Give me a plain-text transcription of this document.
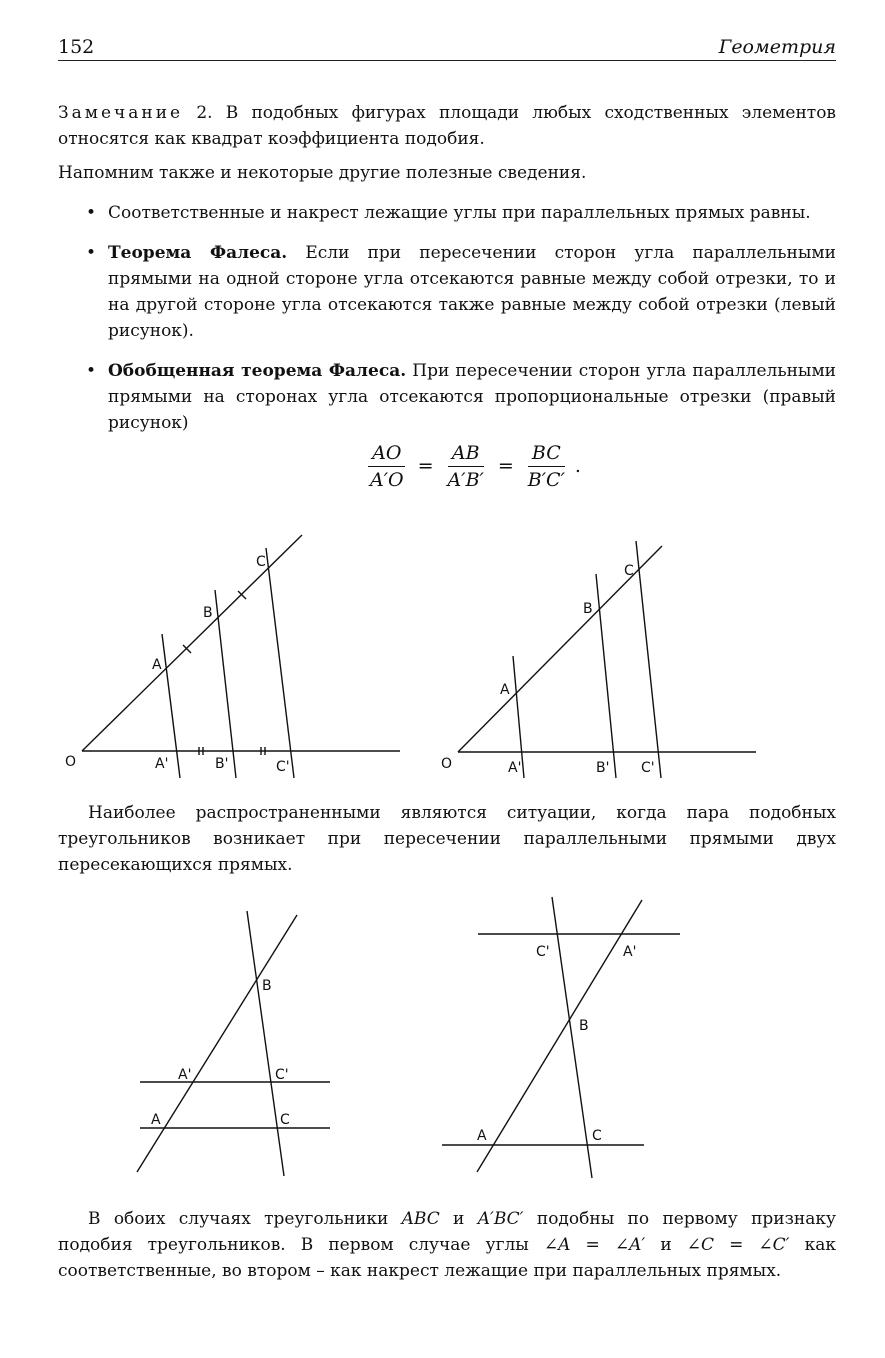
152	Геометрия

Замечание 2. В подобных фигурах площади любых сходственных элементов относятся как квадрат коэффициента подобия.

Напомним также и некоторые другие полезные сведения.

• Соответственные и накрест лежащие углы при параллельных прямых равны.
• Теорема Фалеса. Если при пересечении сторон угла параллельными прямыми на одной стороне угла отсекаются равные между собой отрезки, то и на другой стороне угла отсекаются также равные между собой отрезки (левый рисунок).
• Обобщенная теорема Фалеса. При пересечении сторон угла параллельными прямыми на сторонах угла отсекаются пропорциональные отрезки (правый рисунок)
$\frac{AO}{A'O} = \frac{AB}{A'B'} = \frac{BC}{B'C'}$ .
O
A
B
C
A'	B'	C'	O
A
B
C
A'	B' C'

Наиболее распространенными являются ситуации, когда пара подобных треугольников возникает при пересечении параллельными прямыми двух пересекающихся прямых.

B
A'	C'
A	C
C'	A'
B
A	C

В обоих случаях треугольники ABC и A′BC′ подобны по первому признаку подобия треугольников. В первом случае углы ∠A = ∠A′ и ∠C = ∠C′ как соответственные, во втором – как накрест лежащие при параллельных прямых.
